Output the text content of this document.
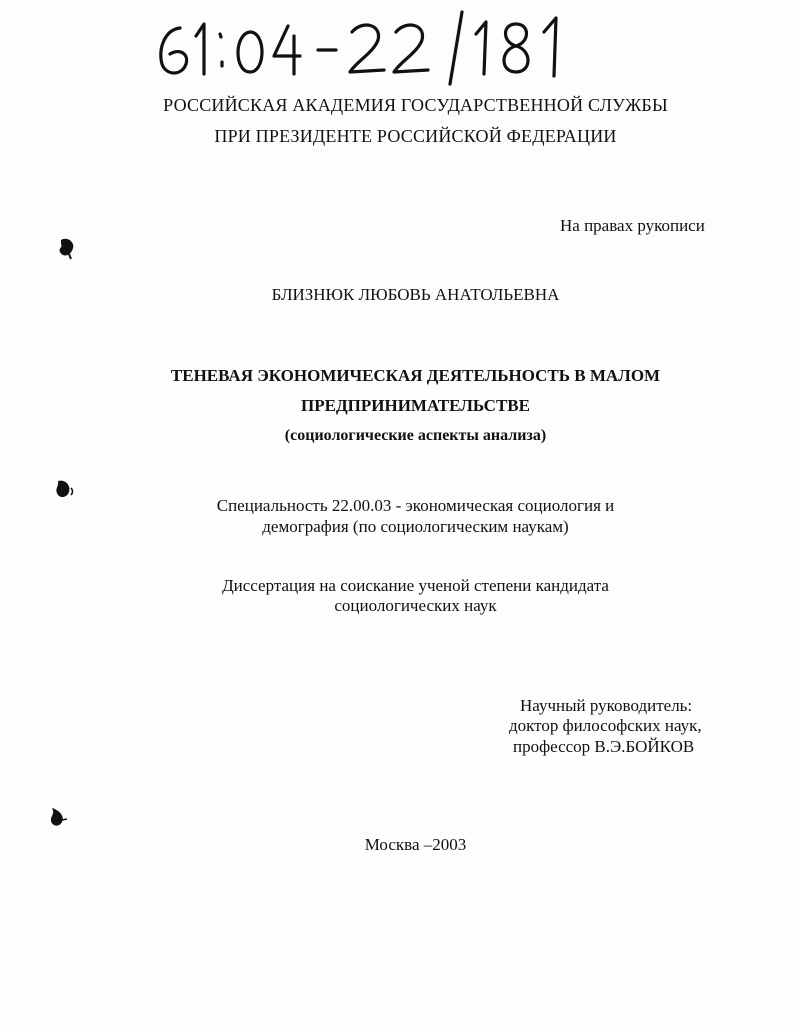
61:04-22/181
РОССИЙСКАЯ АКАДЕМИЯ ГОСУДАРСТВЕННОЙ СЛУЖБЫ
ПРИ ПРЕЗИДЕНТЕ РОССИЙСКОЙ ФЕДЕРАЦИИ
На правах рукописи
БЛИЗНЮК ЛЮБОВЬ АНАТОЛЬЕВНА
ТЕНЕВАЯ ЭКОНОМИЧЕСКАЯ ДЕЯТЕЛЬНОСТЬ В МАЛОМ
ПРЕДПРИНИМАТЕЛЬСТВЕ
(социологические аспекты анализа)
Специальность 22.00.03 - экономическая социология и
демография (по социологическим наукам)
Диссертация на соискание ученой степени кандидата
социологических наук
Научный руководитель:
доктор философских наук,
профессор В.Э.БОЙКОВ
Москва –2003
